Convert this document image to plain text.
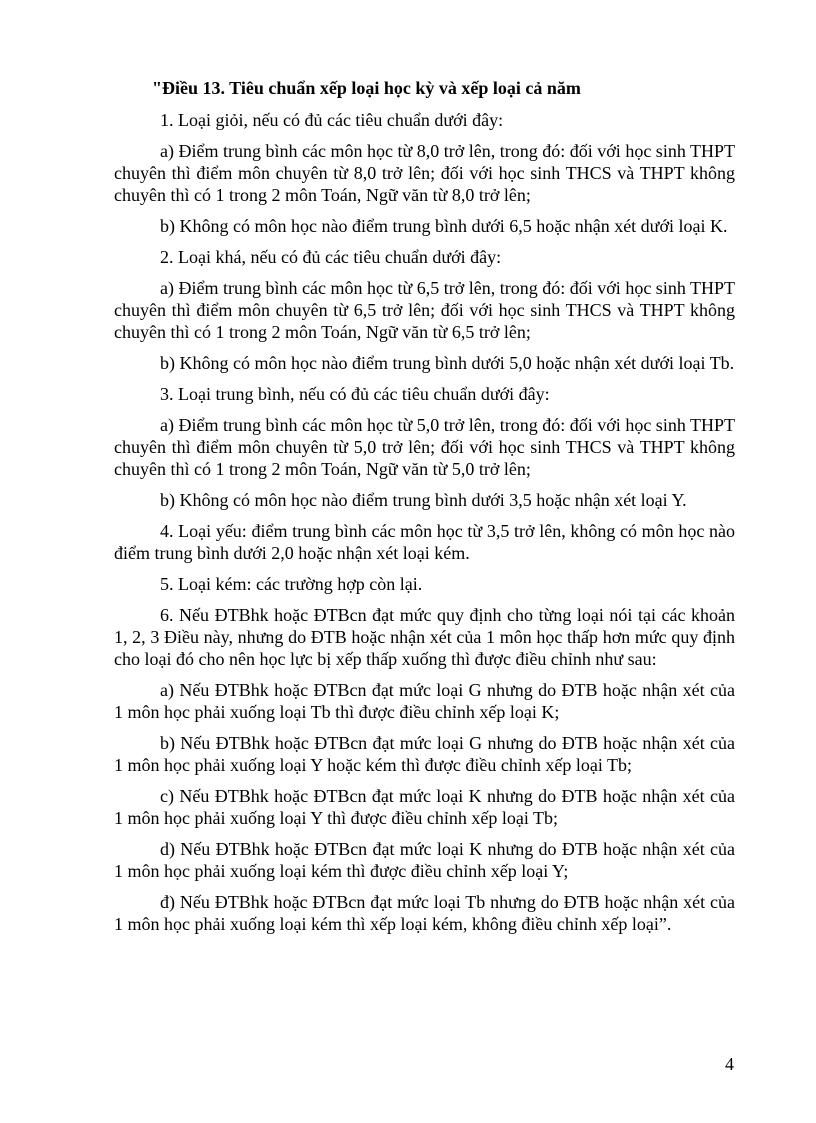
"Điều 13. Tiêu chuẩn xếp loại học kỳ và xếp loại cả năm

1. Loại giỏi, nếu có đủ các tiêu chuẩn dưới đây:

a) Điểm trung bình các môn học từ 8,0 trở lên, trong đó: đối với học sinh THPT chuyên thì điểm môn chuyên từ 8,0 trở lên; đối với học sinh THCS và THPT không chuyên thì có 1 trong 2 môn Toán, Ngữ văn từ 8,0 trở lên;

b) Không có môn học nào điểm trung bình dưới 6,5 hoặc nhận xét dưới loại K.

2. Loại khá, nếu có đủ các tiêu chuẩn dưới đây:

a) Điểm trung bình các môn học từ 6,5 trở lên, trong đó: đối với học sinh THPT chuyên thì điểm môn chuyên từ 6,5 trở lên; đối với học sinh THCS và THPT không chuyên thì có 1 trong 2 môn Toán, Ngữ văn từ 6,5 trở lên;

b) Không có môn học nào điểm trung bình dưới 5,0 hoặc nhận xét dưới loại Tb.

3. Loại trung bình, nếu có đủ các tiêu chuẩn dưới đây:

a) Điểm trung bình các môn học từ 5,0 trở lên, trong đó: đối với học sinh THPT chuyên thì điểm môn chuyên từ 5,0 trở lên; đối với học sinh THCS và THPT không chuyên thì có 1 trong 2 môn Toán, Ngữ văn từ 5,0 trở lên;

b) Không có môn học nào điểm trung bình dưới 3,5 hoặc nhận xét loại Y.

4. Loại yếu: điểm trung bình các môn học từ 3,5 trở lên, không có môn học nào điểm trung bình dưới 2,0 hoặc nhận xét loại kém.

5. Loại kém: các trường hợp còn lại.

6. Nếu ĐTBhk hoặc ĐTBcn đạt mức quy định cho từng loại nói tại các khoản 1, 2, 3 Điều này, nhưng do ĐTB hoặc nhận xét của 1 môn học thấp hơn mức quy định cho loại đó cho nên học lực bị xếp thấp xuống thì được điều chỉnh như sau:

a) Nếu ĐTBhk hoặc ĐTBcn đạt mức loại G nhưng do ĐTB hoặc nhận xét của 1 môn học phải xuống loại Tb thì được điều chỉnh xếp loại K;

b) Nếu ĐTBhk hoặc ĐTBcn đạt mức loại G nhưng do ĐTB hoặc nhận xét của 1 môn học phải xuống loại Y hoặc kém thì được điều chỉnh xếp loại Tb;

c) Nếu ĐTBhk hoặc ĐTBcn đạt mức loại K nhưng do ĐTB hoặc nhận xét của 1 môn học phải xuống loại Y thì được điều chỉnh xếp loại Tb;

d) Nếu ĐTBhk hoặc ĐTBcn đạt mức loại K nhưng do ĐTB hoặc nhận xét của 1 môn học phải xuống loại kém thì được điều chỉnh xếp loại Y;

đ) Nếu ĐTBhk hoặc ĐTBcn đạt mức loại Tb nhưng do ĐTB hoặc nhận xét của 1 môn học phải xuống loại kém thì xếp loại kém, không điều chỉnh xếp loại”.

4
